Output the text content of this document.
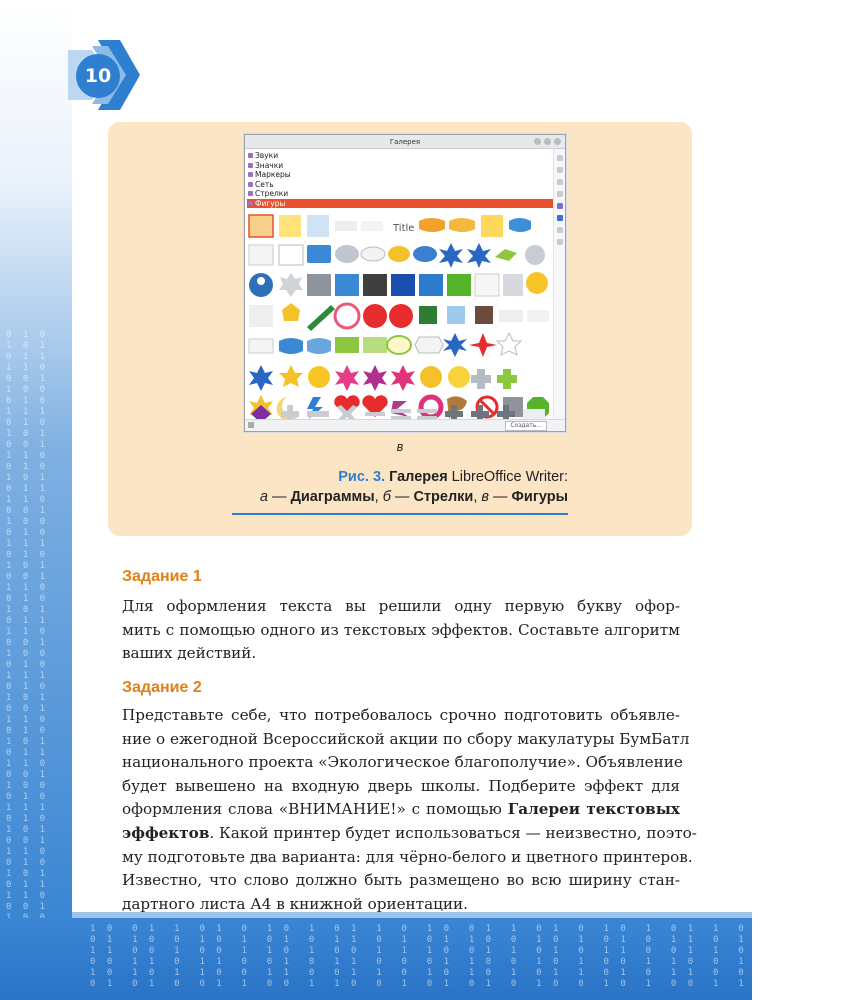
0 1 0
1 0 1
0 1 1
1 1 0
0 0 1
1 0 0
0 1 0
1 1 1
0 1 0
1 0 1
0 0 1
1 1 0
0 1 0
1 0 1
0 1 1
1 1 0
0 0 1
1 0 0
0 1 0
1 1 1
0 1 0
1 0 1
0 0 1
1 1 0
0 1 0
1 0 1
0 1 1
1 1 0
0 0 1
1 0 0
0 1 0
1 1 1
0 1 0
1 0 1
0 0 1
1 1 0
0 1 0
1 0 1
0 1 1
1 1 0
0 0 1
1 0 0
0 1 0
1 1 1
0 1 0
1 0 1
0 0 1
1 1 0
0 1 0
1 0 1
0 1 1
1 1 0
0 0 1

1 0  0 1  1  0 1  0  1 0  1  0 1  1  0  1 0  0 1  1  0 1  0  1 0  1  0 1  1  0  1 0  0 1  1
0 1  1 0  0  1 0  1  0 1  0  1 1  0  1  0 1  1 0  0  1 0  1  0 1  0  1 1  0  1  0 1  1 0  0
1 1  0 0  1  0 0  1  1 0  1  0 0  1  1  1 0  0 1  1  0 1  0  1 1  0  0 1  1  0  1 1  0 0  1
0 0  1 1  0  1 1  0  0 1  0  1 1  0  0  0 1  1 0  0  1 0  1  0 0  1  1 0  0  1  0 0  1 1  0
1 0  1 0  1  1 0  0  1 1  0  0 1  1  0  1 0  1 0  1  0 1  1  0 1  0  1 1  0  0  1 0  1 0  1
0 1  0 1  0  0 1  1  0 0  1  1 0  0  1  0 1  0 1  0  1 0  0  1 0  1  0 0  1  1  0 1  0 1  0
10
Галерея
Звуки
Значки
Маркеры
Сеть
Стрелки
Фигуры
Title
Создать...
в
Рис. 3. Галерея LibreOffice Writer:
а — Диаграммы, б — Стрелки, в — Фигуры
Задание 1
Для оформления текста вы решили одну первую букву офор-
мить с помощью одного из текстовых эффектов. Составьте алгоритм
ваших действий.
Задание 2
Представьте себе, что потребовалось срочно подготовить объявле-
ние о ежегодной Всероссийской акции по сбору макулатуры БумБатл
национального проекта «Экологическое благополучие». Объявление
будет вывешено на входную дверь школы. Подберите эффект для
оформления слова «ВНИМАНИЕ!» с помощью Галереи текстовых
эффектов. Какой принтер будет использоваться — неизвестно, поэто-
му подготовьте два варианта: для чёрно-белого и цветного принтеров.
Известно, что слово должно быть размещено во всю ширину стан-
дартного листа А4 в книжной ориентации.
